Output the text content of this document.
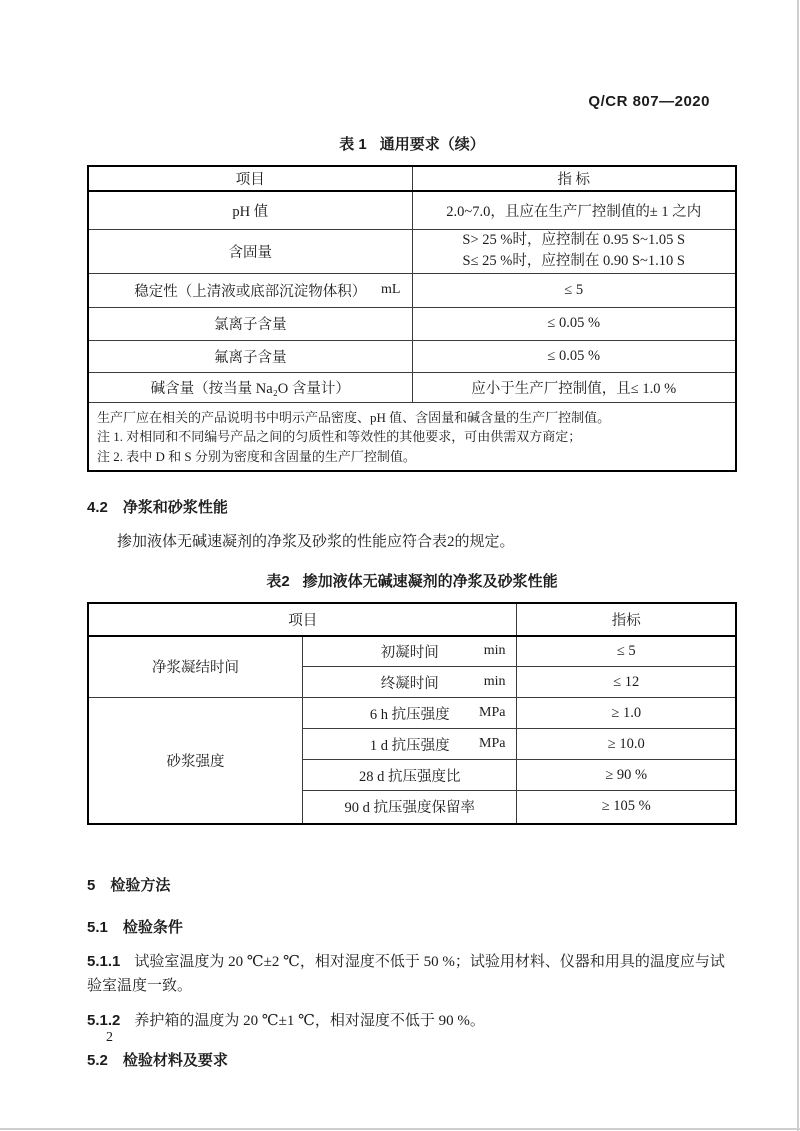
Q/CR 807—2020
表 1 通用要求（续）
项目	指 标
pH 值	2.0~7.0，且应在生产厂控制值的± 1 之内
含固量	S> 25 %时，应控制在 0.95 S~1.05 S
S≤ 25 %时，应控制在 0.90 S~1.10 S

稳定性（上清液或底部沉淀物体积） mL	≤ 5
氯离子含量	≤ 0.05 %
氟离子含量	≤ 0.05 %
碱含量（按当量 Na₂O 含量计）	应小于生产厂控制值，且≤ 1.0 %

生产厂应在相关的产品说明书中明示产品密度、pH 值、含固量和碱含量的生产厂控制值。
注 1. 对相同和不同编号产品之间的匀质性和等效性的其他要求，可由供需双方商定；
注 2. 表中 D 和 S 分别为密度和含固量的生产厂控制值。	
4.2 净浆和砂浆性能

掺加液体无碱速凝剂的净浆及砂浆的性能应符合表2的规定。

表2 掺加液体无碱速凝剂的净浆及砂浆性能
项目		指标
净浆凝结时间	初凝时间 min	≤ 5
	终凝时间 min	≤ 12
砂浆强度	6 h 抗压强度 MPa	≥ 1.0
	1 d 抗压强度 MPa	≥ 10.0
	28 d 抗压强度比	≥ 90 %
	90 d 抗压强度保留率	≥ 105 %
5 检验方法
5.1 检验条件

5.1.1 试验室温度为 20 ℃±2 ℃，相对湿度不低于 50 %；试验用材料、仪器和用具的温度应与试验室温度一致。

5.1.2 养护箱的温度为 20 ℃±1 ℃，相对湿度不低于 90 %。

5.2 检验材料及要求
2
